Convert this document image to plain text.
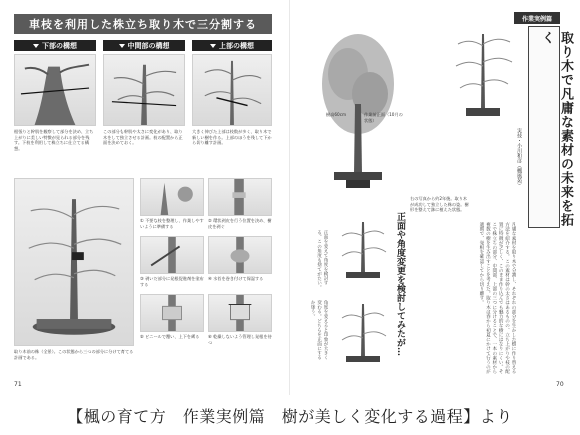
車枝を利用した株立ち取り木で三分割する
下部の構想	中間部の構想	上部の構想
根張りと幹肌を観察して部分を決め、立ち上がりに美しい特徴が見られる部分を残す。下枝を利用して株立ちに仕立てる構想。
この部分も幹肌や太さに変化があり、取り木をして独立させる計画。枝の配置から正面を決めておく。
大きく伸びた上部は枝数が多く、取り木で新しい樹を作る。上部のほうを残して下から切り離す計画。
取り木前の株（全景）。この状態から三つの部分に分けて育てる計画である。
① 不要な枝を整理し、作業しやすいように準備する
② 環状剥皮を行う位置を決め、樹皮を剥ぐ
③ 剥いだ部分に発根促進剤を塗布する
④ 水苔を巻き付けて保湿する
⑤ ビニールで覆い、上下を縛る	⑥ 乾燥しないよう管理し発根を待つ
71
樹高60cm	作業前正面（10月の状態）
右の写真から約2年後。取り木が成功して独立した株の姿。樹形を整えて鉢に植えた状態。
作業実例篇
取り木で凡庸な素材の未来を拓く
実技・小川和彦（楓風苑）
正面を変えて角度を検討する。この角度も捨てがたい。
角度を変えると印象が大きく変わる。どちらを正面にするか迷う。	正面や角度変更を検討してみたが…	凡庸な素材を取り木で分割し、それぞれの部分を生かした樹に作り替える方法を紹介する。この素材は幹の太さはあるものの、立ち上がりや枝の配置に特徴が乏しく、このまま作り込んでも魅力的な樹にはなりにくい。そこで株立ちの部分、中間部、上部の三つに分けることで、一本の素材から複数の樹を生み出すことを考えた。取り木は春から初夏にかけて行うのが適期で、発根を確認してから切り離す。
70
【楓の育て方　作業実例篇　樹が美しく変化する過程】より
